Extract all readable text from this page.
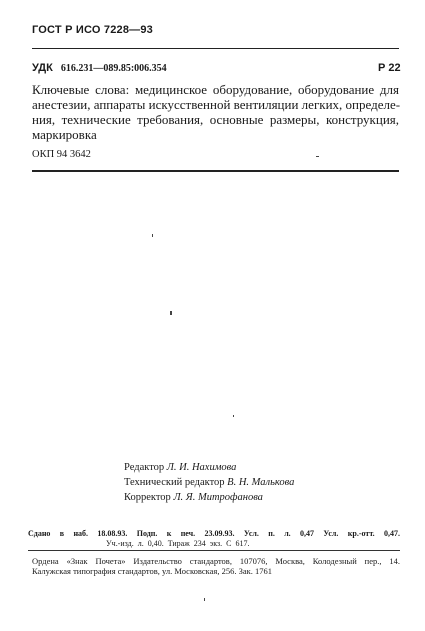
ГОСТ Р ИСО 7228—93
УДК 616.231—089.85:006.354	Р 22
Ключевые слова: медицинское оборудование, оборудование для
анестезии, аппараты искусственной вентиляции легких, определе-
ния, технические требования, основные размеры, конструкция,
маркировка
ОКП 94 3642
Редактор Л. И. Нахимова
Технический редактор В. Н. Малькова
Корректор Л. Я. Митрофанова
Сдано в наб. 18.08.93. Подп. к печ. 23.09.93. Усл. п. л. 0,47 Усл. кр.-отт. 0,47.
Уч.-изд. л. 0,40. Тираж 234 экз. С 617.
Ордена «Знак Почета» Издательство стандартов, 107076, Москва, Колодезный пер., 14.
Калужская типография стандартов, ул. Московская, 256. Зак. 1761
